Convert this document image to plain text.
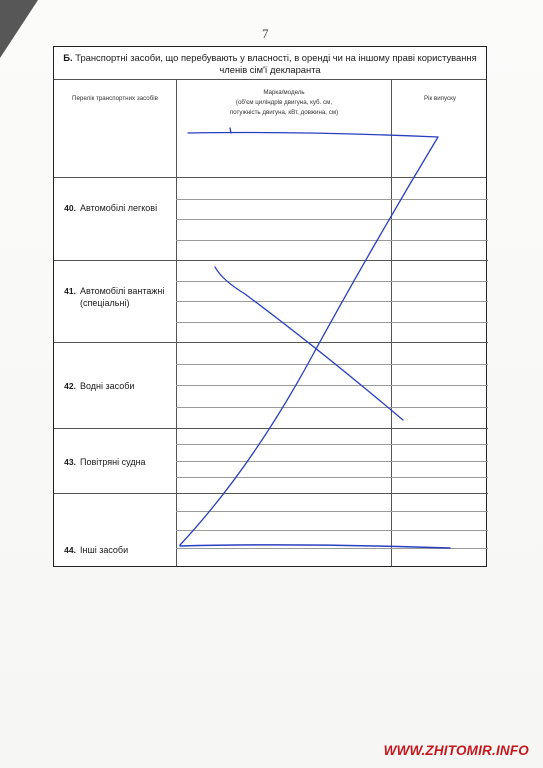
7
Б. Транспортні засоби, що перебувають у власності, в оренді чи на іншому праві користування членів сім'ї декларанта
Перелік транспортних засобів
Марка/модель
(об'єм циліндрів двигуна, куб. см,
потужність двигуна, кВт, довжина, см)
Рік випуску
40. Автомобілі легкові
41. Автомобілі вантажні (спеціальні)
42. Водні засоби
43. Повітряні судна
44. Інші засоби
WWW.ZHITOMIR.INFO
